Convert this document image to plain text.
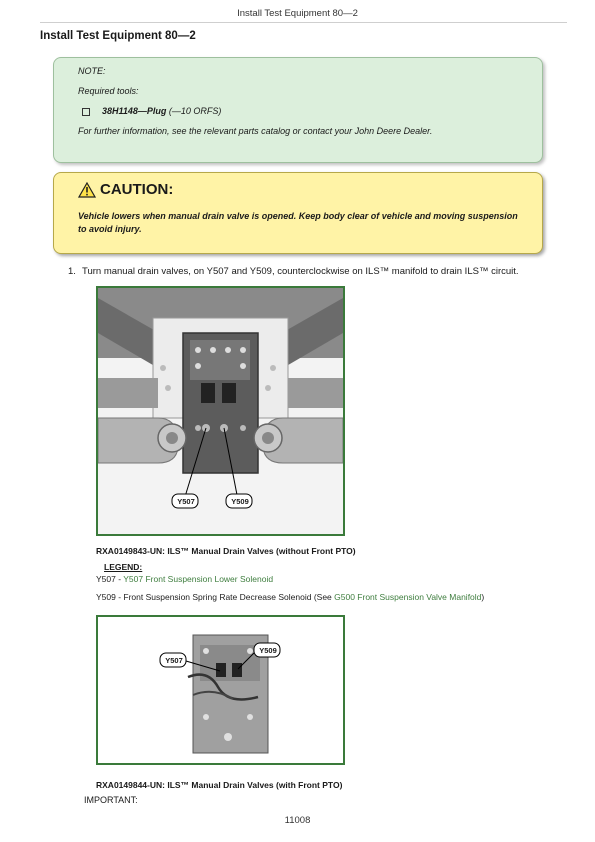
Install Test Equipment 80—2
Install Test Equipment 80—2

NOTE:

Required tools:

38H1148—Plug (—10 ORFS)

For further information, see the relevant parts catalog or contact your John Deere Dealer.

CAUTION:
Vehicle lowers when manual drain valve is opened. Keep body clear of vehicle and moving suspension to avoid injury.
1. Turn manual drain valves, on Y507 and Y509, counterclockwise on ILS™ manifold to drain ILS™ circuit.
Y507	Y509
RXA0149843-UN: ILS™ Manual Drain Valves (without Front PTO)
LEGEND:
Y507 - Y507 Front Suspension Lower Solenoid
Y509 - Front Suspension Spring Rate Decrease Solenoid (See G500 Front Suspension Valve Manifold)
Y507
Y509
RXA0149844-UN: ILS™ Manual Drain Valves (with Front PTO)
IMPORTANT:
11008
